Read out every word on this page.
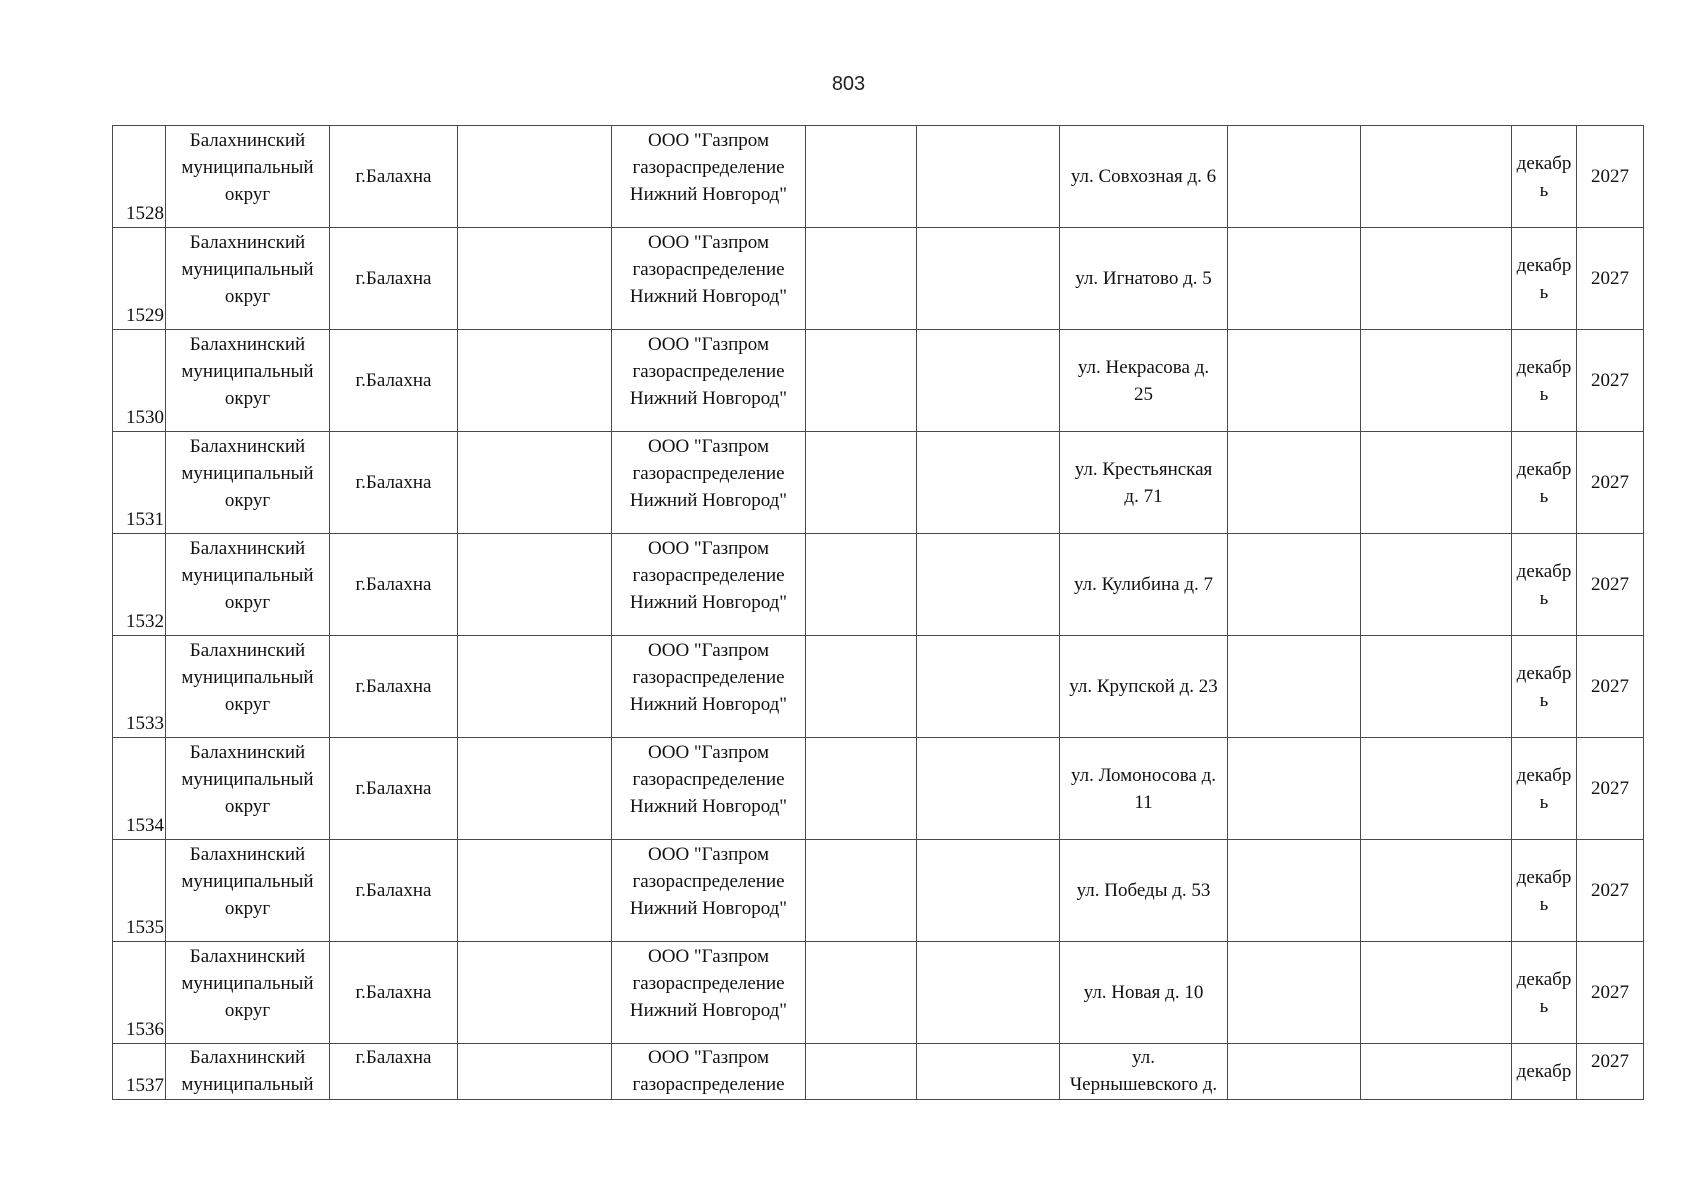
803
1528	Балахнинский
муниципальный
округ	г.Балахна		ООО "Газпром
газораспределение
Нижний Новгород"			ул. Совхозная д. 6			декабр
ь	2027
1529	Балахнинский
муниципальный
округ	г.Балахна		ООО "Газпром
газораспределение
Нижний Новгород"			ул. Игнатово д. 5			декабр
ь	2027
1530	Балахнинский
муниципальный
округ	г.Балахна		ООО "Газпром
газораспределение
Нижний Новгород"			ул. Некрасова д.
25			декабр
ь	2027
1531	Балахнинский
муниципальный
округ	г.Балахна		ООО "Газпром
газораспределение
Нижний Новгород"			ул. Крестьянская
д. 71			декабр
ь	2027
1532	Балахнинский
муниципальный
округ	г.Балахна		ООО "Газпром
газораспределение
Нижний Новгород"			ул. Кулибина д. 7			декабр
ь	2027
1533	Балахнинский
муниципальный
округ	г.Балахна		ООО "Газпром
газораспределение
Нижний Новгород"			ул. Крупской д. 23			декабр
ь	2027
1534	Балахнинский
муниципальный
округ	г.Балахна		ООО "Газпром
газораспределение
Нижний Новгород"			ул. Ломоносова д.
11			декабр
ь	2027
1535	Балахнинский
муниципальный
округ	г.Балахна		ООО "Газпром
газораспределение
Нижний Новгород"			ул. Победы д. 53			декабр
ь	2027
1536	Балахнинский
муниципальный
округ	г.Балахна		ООО "Газпром
газораспределение
Нижний Новгород"			ул. Новая д. 10			декабр
ь	2027
1537	Балахнинский
муниципальный	г.Балахна		ООО "Газпром
газораспределение			ул.
Чернышевского д.			декабр	2027
